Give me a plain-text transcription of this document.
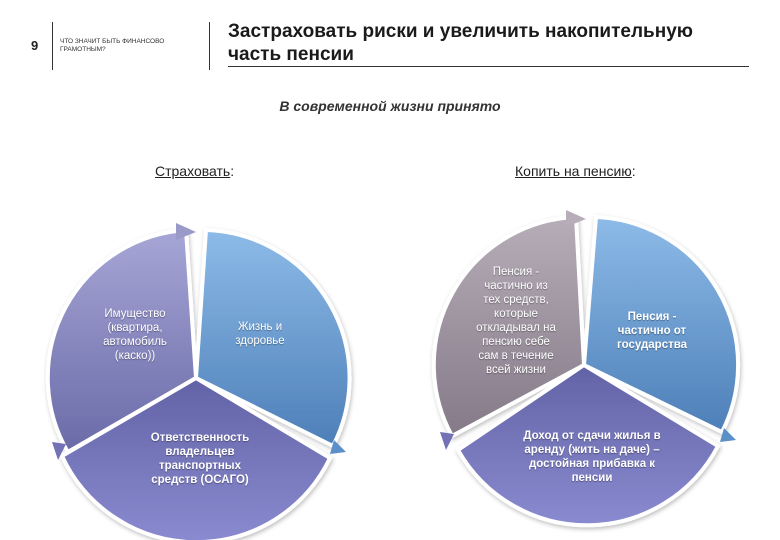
9	ЧТО ЗНАЧИТ БЫТЬ ФИНАНСОВО ГРАМОТНЫМ?
Застраховать риски и увеличить накопительную часть пенсии
В современной жизни принято
Страховать:	Копить на пенсию:
Имущество (квартира, автомобиль (каско))
Жизнь и здоровье
Ответственность владельцев транспортных средств (ОСАГО)
Пенсия - частично из тех средств, которые откладывал на пенсию себе сам в течение всей жизни
Пенсия - частично от государства
Доход от сдачи жилья в аренду (жить на даче) – достойная прибавка к пенсии
